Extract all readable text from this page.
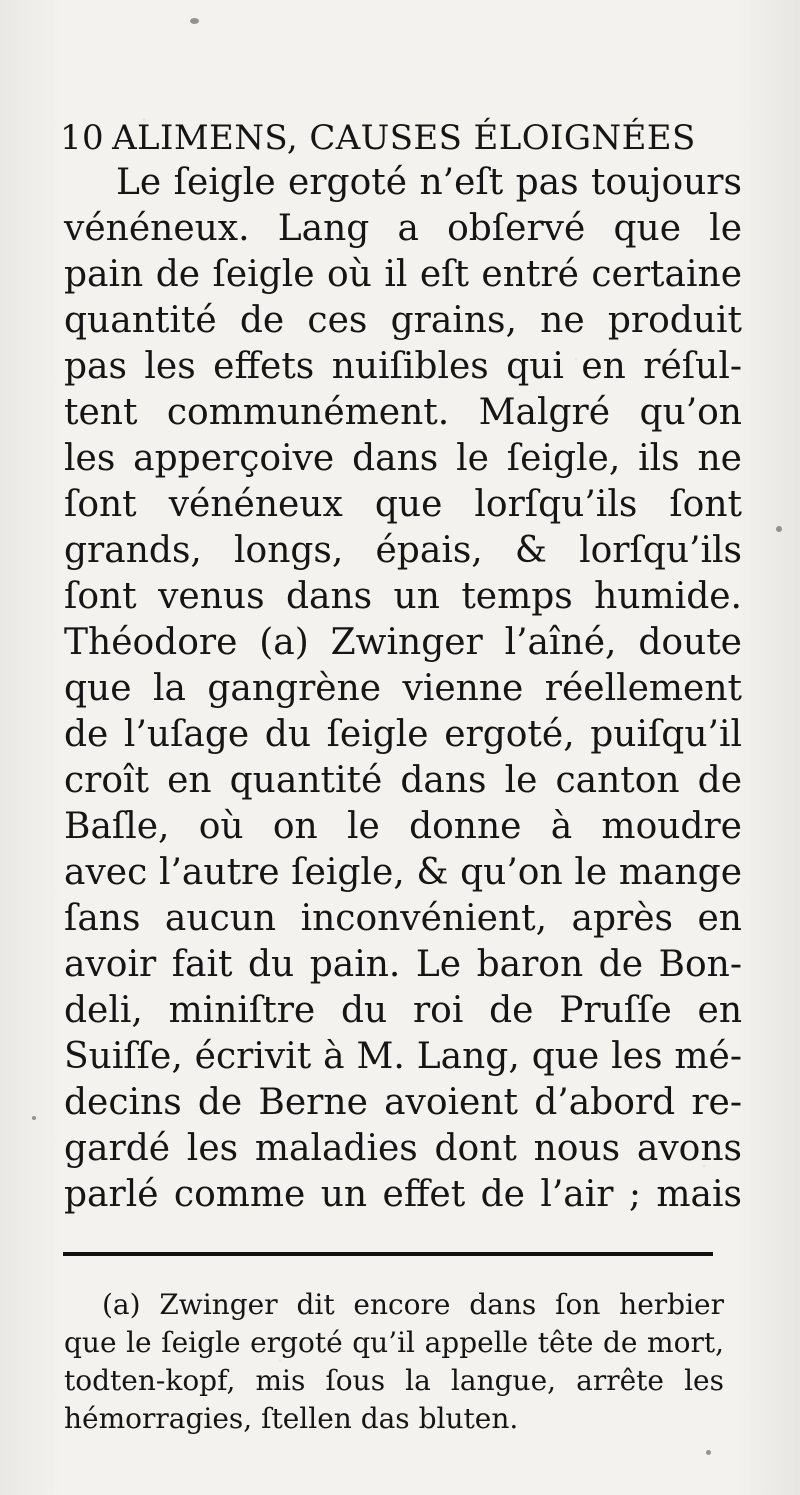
10 ALIMENS, CAUSES ÉLOIGNÉES
Le ſeigle ergoté n’eſt pas toujours
vénéneux. Lang a obſervé que le
pain de ſeigle où il eſt entré certaine
quantité de ces grains, ne produit
pas les effets nuiſibles qui en réſul-
tent communément. Malgré qu’on
les apperçoive dans le ſeigle, ils ne
ſont vénéneux que lorſqu’ils ſont
grands, longs, épais, & lorſqu’ils
ſont venus dans un temps humide.
Théodore (a) Zwinger l’aîné, doute
que la gangrène vienne réellement
de l’uſage du ſeigle ergoté, puiſqu’il
croît en quantité dans le canton de
Baſle, où on le donne à moudre
avec l’autre ſeigle, & qu’on le mange
ſans aucun inconvénient, après en
avoir fait du pain. Le baron de Bon-
deli, miniſtre du roi de Pruſſe en
Suiſſe, écrivit à M. Lang, que les mé-
decins de Berne avoient d’abord re-
gardé les maladies dont nous avons
parlé comme un effet de l’air ; mais
(a) Zwinger dit encore dans ſon herbier
que le ſeigle ergoté qu’il appelle tête de mort,
todten-kopf, mis ſous la langue, arrête les
hémorragies, ſtellen das bluten.
